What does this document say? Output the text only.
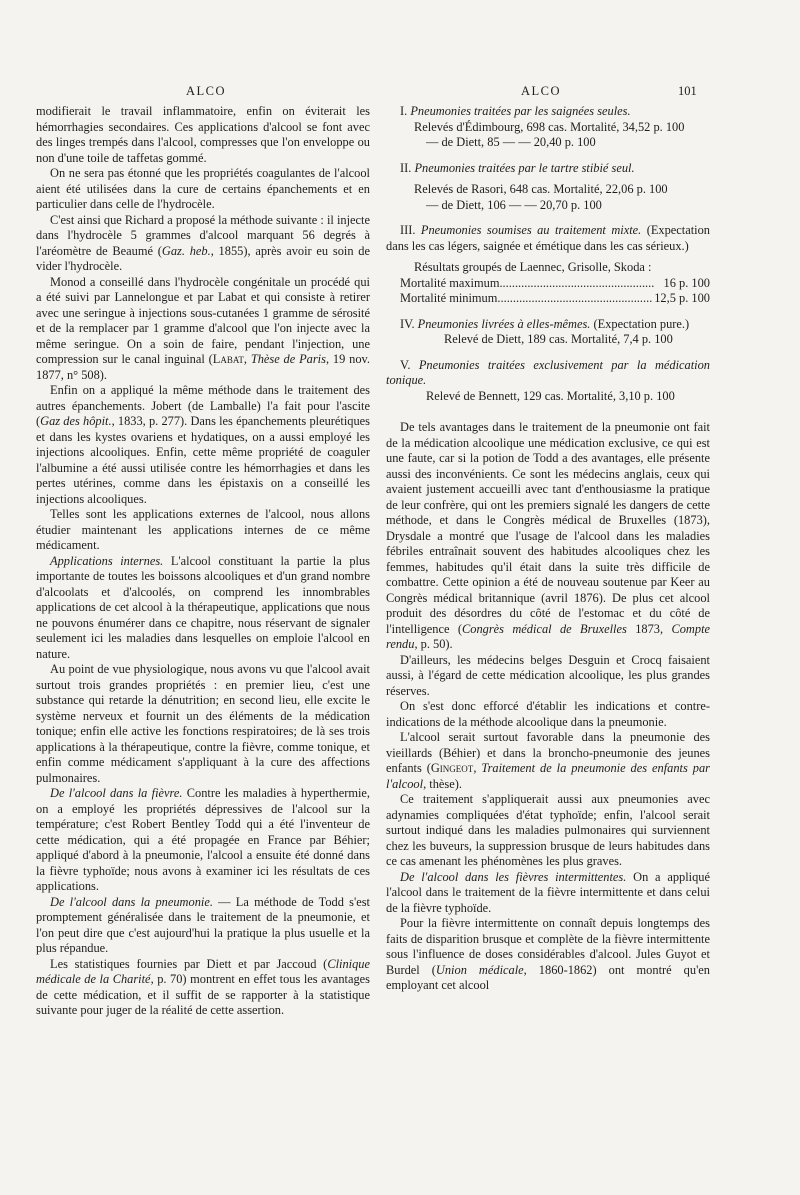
ALCO	ALCO	101

modifierait le travail inflammatoire, enfin on éviterait les hémorrhagies secondaires. Ces applications d'alcool se font avec des linges trempés dans l'alcool, compresses que l'on enveloppe ou non d'une toile de taffetas gommé.

On ne sera pas étonné que les propriétés coagulantes de l'alcool aient été utilisées dans la cure de certains épanchements et en particulier dans celle de l'hydrocèle.

C'est ainsi que Richard a proposé la méthode suivante : il injecte dans l'hydrocèle 5 grammes d'alcool marquant 56 degrés à l'aréomètre de Beaumé (Gaz. heb., 1855), après avoir eu soin de vider l'hydrocèle.

Monod a conseillé dans l'hydrocèle congénitale un procédé qui a été suivi par Lannelongue et par Labat et qui consiste à retirer avec une seringue à injections sous-cutanées 1 gramme de sérosité et de la remplacer par 1 gramme d'alcool que l'on injecte avec la même seringue. On a soin de faire, pendant l'injection, une compression sur le canal inguinal (Labat, Thèse de Paris, 19 nov. 1877, n° 508).

Enfin on a appliqué la même méthode dans le traitement des autres épanchements. Jobert (de Lamballe) l'a fait pour l'ascite (Gaz des hôpit., 1833, p. 277). Dans les épanchements pleurétiques et dans les kystes ovariens et hydatiques, on a aussi employé les injections alcooliques. Enfin, cette même propriété de coaguler l'albumine a été aussi utilisée contre les hémorrhagies et dans les pertes utérines, comme dans les épistaxis on a conseillé les injections alcooliques.

Telles sont les applications externes de l'alcool, nous allons étudier maintenant les applications internes de ce même médicament.

Applications internes. L'alcool constituant la partie la plus importante de toutes les boissons alcooliques et d'un grand nombre d'alcoolats et d'alcoolés, on comprend les innombrables applications de cet alcool à la thérapeutique, applications que nous ne pouvons énumérer dans ce chapitre, nous réservant de signaler seulement ici les maladies dans lesquelles on emploie l'alcool en nature.

Au point de vue physiologique, nous avons vu que l'alcool avait surtout trois grandes propriétés : en premier lieu, c'est une substance qui retarde la dénutrition; en second lieu, elle excite le système nerveux et fournit un des éléments de la médication tonique; enfin elle active les fonctions respiratoires; de là ses trois applications à la thérapeutique, contre la fièvre, comme tonique, et enfin comme médicament s'appliquant à la cure des affections pulmonaires.

De l'alcool dans la fièvre. Contre les maladies à hyperthermie, on a employé les propriétés dépressives de l'alcool sur la température; c'est Robert Bentley Todd qui a été l'inventeur de cette médication, qui a été propagée en France par Béhier; appliqué d'abord à la pneumonie, l'alcool a ensuite été donné dans la fièvre typhoïde; nous avons à examiner ici les résultats de ces applications.

De l'alcool dans la pneumonie. — La méthode de Todd s'est promptement généralisée dans le traitement de la pneumonie, et l'on peut dire que c'est aujourd'hui la pratique la plus usuelle et la plus répandue.

Les statistiques fournies par Diett et par Jaccoud (Clinique médicale de la Charité, p. 70) montrent en effet tous les avantages de cette médication, et il suffit de se rapporter à la statistique suivante pour juger de la réalité de cette assertion.

I. Pneumonies traitées par les saignées seules.

Relevés d'Édimbourg, 698 cas. Mortalité, 34,52 p. 100

— de Diett, 85 — — 20,40 p. 100

II. Pneumonies traitées par le tartre stibié seul.

Relevés de Rasori, 648 cas. Mortalité, 22,06 p. 100

— de Diett, 106 — — 20,70 p. 100

III. Pneumonies soumises au traitement mixte. (Expectation dans les cas légers, saignée et émétique dans les cas sérieux.)

Résultats groupés de Laennec, Grisolle, Skoda :

Mortalité maximum .................................................. 16 p. 100
Mortalité minimum .................................................. 12,5 p. 100

IV. Pneumonies livrées à elles-mêmes. (Expectation pure.)

Relevé de Diett, 189 cas. Mortalité, 7,4 p. 100

V. Pneumonies traitées exclusivement par la médication tonique.

Relevé de Bennett, 129 cas. Mortalité, 3,10 p. 100

De tels avantages dans le traitement de la pneumonie ont fait de la médication alcoolique une médication exclusive, ce qui est une faute, car si la potion de Todd a des avantages, elle présente aussi des inconvénients. Ce sont les médecins anglais, ceux qui avaient justement accueilli avec tant d'enthousiasme la pratique de leur confrère, qui ont les premiers signalé les dangers de cette méthode, et dans le Congrès médical de Bruxelles (1873), Drysdale a montré que l'usage de l'alcool dans les maladies fébriles entraînait souvent des habitudes alcooliques chez les femmes, habitudes qu'il était dans la suite très difficile de combattre. Cette opinion a été de nouveau soutenue par Keer au Congrès médical britannique (avril 1876). De plus cet alcool produit des désordres du côté de l'estomac et du côté de l'intelligence (Congrès médical de Bruxelles 1873, Compte rendu, p. 50).

D'ailleurs, les médecins belges Desguin et Crocq faisaient aussi, à l'égard de cette médication alcoolique, les plus grandes réserves.

On s'est donc efforcé d'établir les indications et contre-indications de la méthode alcoolique dans la pneumonie.

L'alcool serait surtout favorable dans la pneumonie des vieillards (Béhier) et dans la broncho-pneumonie des jeunes enfants (Gingeot, Traitement de la pneumonie des enfants par l'alcool, thèse).

Ce traitement s'appliquerait aussi aux pneumonies avec adynamies compliquées d'état typhoïde; enfin, l'alcool serait surtout indiqué dans les maladies pulmonaires qui surviennent chez les buveurs, la suppression brusque de leurs habitudes dans ce cas amenant les phénomènes les plus graves.

De l'alcool dans les fièvres intermittentes. On a appliqué l'alcool dans le traitement de la fièvre intermittente et dans celui de la fièvre typhoïde.

Pour la fièvre intermittente on connaît depuis longtemps des faits de disparition brusque et complète de la fièvre intermittente sous l'influence de doses considérables d'alcool. Jules Guyot et Burdel (Union médicale, 1860-1862) ont montré qu'en employant cet alcool
